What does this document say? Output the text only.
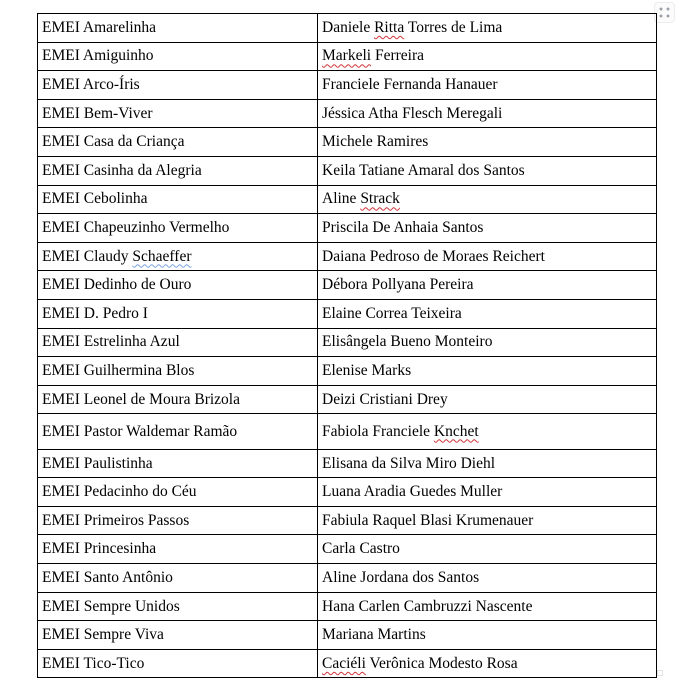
EMEI Amarelinha	Daniele Ritta Torres de Lima
EMEI Amiguinho	Markeli Ferreira
EMEI Arco-Íris	Franciele Fernanda Hanauer
EMEI Bem-Viver	Jéssica Atha Flesch Meregali
EMEI Casa da Criança	Michele Ramires
EMEI Casinha da Alegria	Keila Tatiane Amaral dos Santos
EMEI Cebolinha	Aline Strack
EMEI Chapeuzinho Vermelho	Priscila De Anhaia Santos
EMEI Claudy Schaeffer	Daiana Pedroso de Moraes Reichert
EMEI Dedinho de Ouro	Débora Pollyana Pereira
EMEI D. Pedro I	Elaine Correa Teixeira
EMEI Estrelinha Azul	Elisângela Bueno Monteiro
EMEI Guilhermina Blos	Elenise Marks
EMEI Leonel de Moura Brizola	Deizi Cristiani Drey
EMEI Pastor Waldemar Ramão	Fabiola Franciele Knchet
EMEI Paulistinha	Elisana da Silva Miro Diehl
EMEI Pedacinho do Céu	Luana Aradia Guedes Muller
EMEI Primeiros Passos	Fabiula Raquel Blasi Krumenauer
EMEI Princesinha	Carla Castro
EMEI Santo Antônio	Aline Jordana dos Santos
EMEI Sempre Unidos	Hana Carlen Cambruzzi Nascente
EMEI Sempre Viva	Mariana Martins
EMEI Tico-Tico	Caciéli Verônica Modesto Rosa
